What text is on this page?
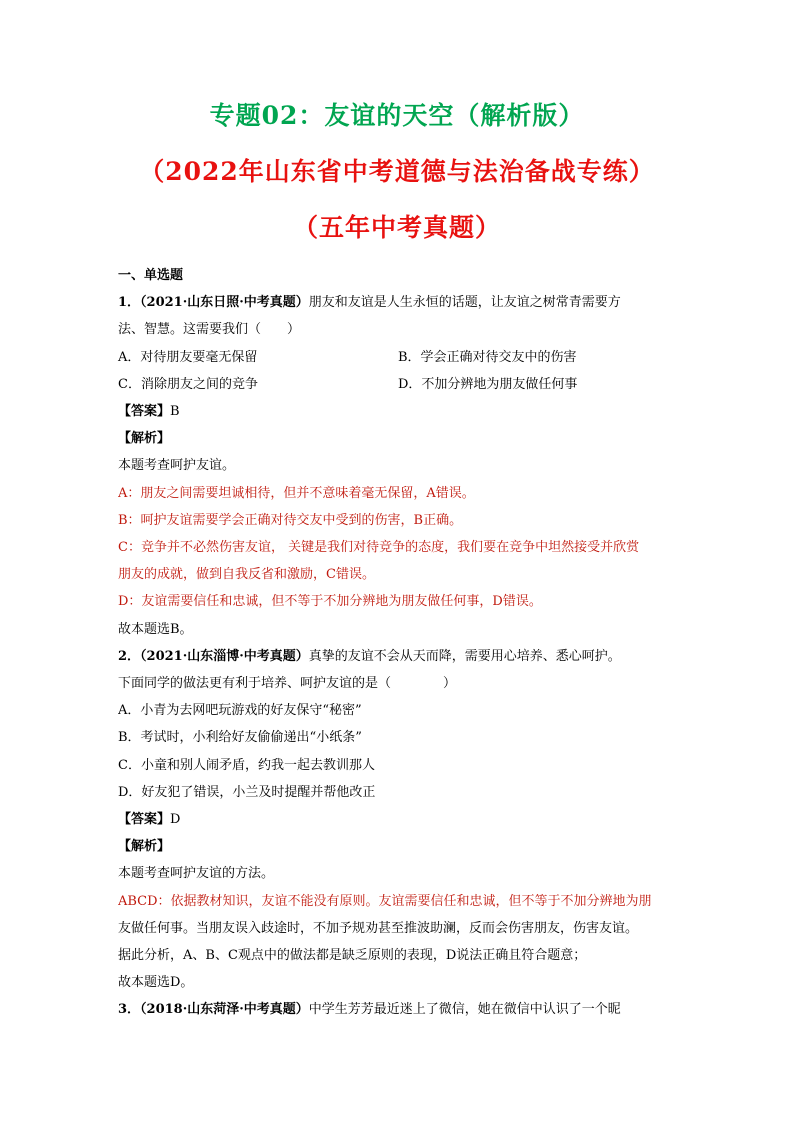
专题02：友谊的天空（解析版）
（2022年山东省中考道德与法治备战专练）
（五年中考真题）
一、单选题
1．（2021·山东日照·中考真题）朋友和友谊是人生永恒的话题，让友谊之树常青需要方
法、智慧。这需要我们（　　）
A．对待朋友要毫无保留	B．学会正确对待交友中的伤害
C．消除朋友之间的竞争	D．不加分辨地为朋友做任何事
【答案】B
【解析】
本题考查呵护友谊。
A：朋友之间需要坦诚相待，但并不意味着毫无保留，A错误。
B：呵护友谊需要学会正确对待交友中受到的伤害，B正确。
C：竞争并不必然伤害友谊， 关键是我们对待竞争的态度，我们要在竞争中坦然接受并欣赏
朋友的成就，做到自我反省和激励，C错误。
D：友谊需要信任和忠诚，但不等于不加分辨地为朋友做任何事，D错误。
故本题选B。
2．（2021·山东淄博·中考真题）真挚的友谊不会从天而降，需要用心培养、悉心呵护。
下面同学的做法更有利于培养、呵护友谊的是（　　　　）
A．小青为去网吧玩游戏的好友保守“秘密”
B．考试时，小利给好友偷偷递出“小纸条”
C．小童和别人闹矛盾，约我一起去教训那人
D．好友犯了错误，小兰及时提醒并帮他改正
【答案】D
【解析】
本题考查呵护友谊的方法。
ABCD：依据教材知识，友谊不能没有原则。友谊需要信任和忠诚，但不等于不加分辨地为朋
友做任何事。当朋友误入歧途时，不加予规劝甚至推波助澜，反而会伤害朋友，伤害友谊。
据此分析，A、B、C观点中的做法都是缺乏原则的表现，D说法正确且符合题意；
故本题选D。
3．（2018·山东菏泽·中考真题）中学生芳芳最近迷上了微信，她在微信中认识了一个昵
